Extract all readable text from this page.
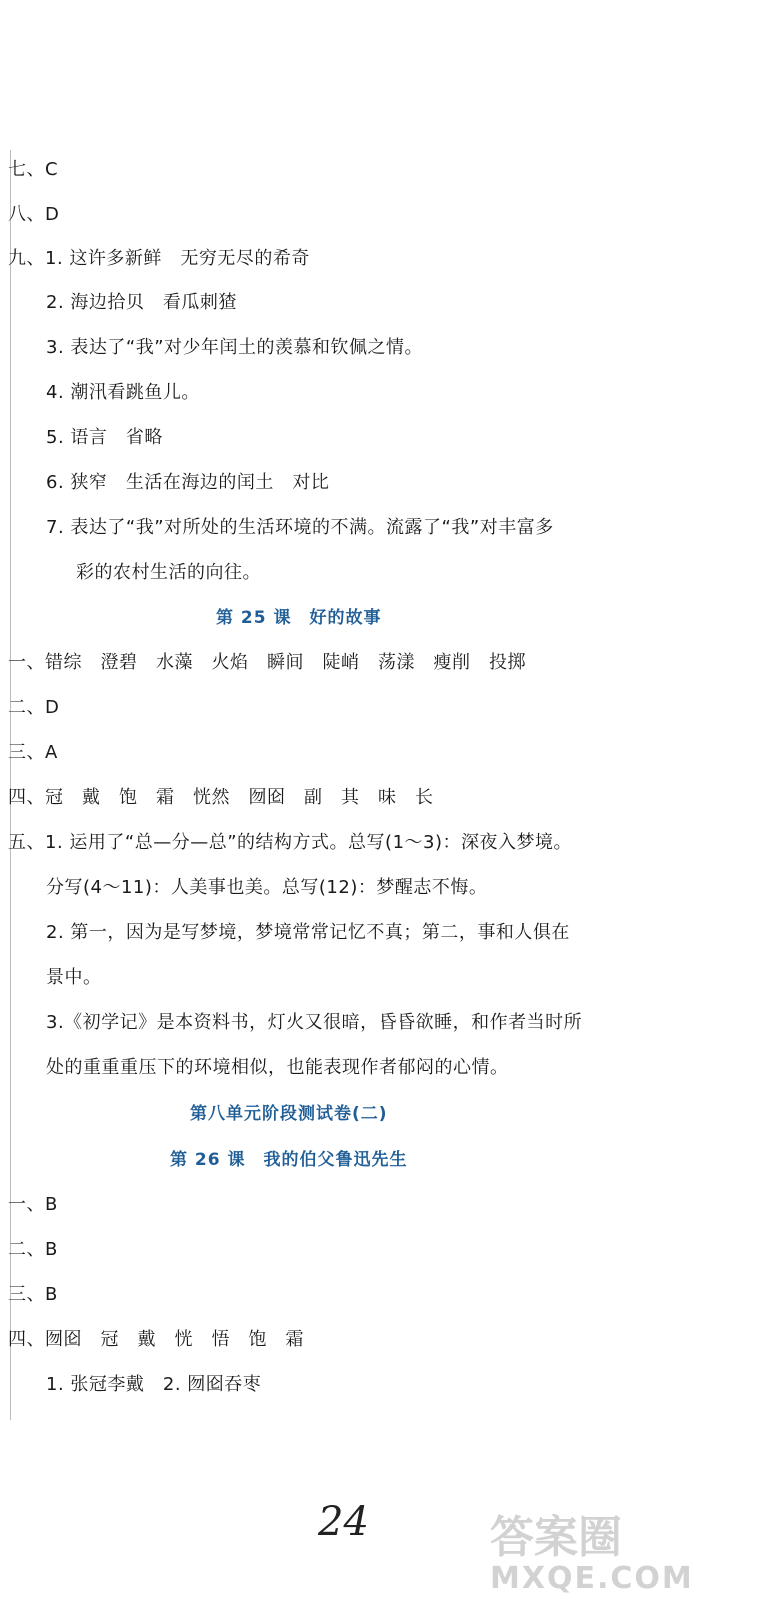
七、C
八、D
九、1. 这许多新鲜　无穷无尽的希奇
2. 海边拾贝　看瓜刺猹
3. 表达了“我”对少年闰土的羡慕和钦佩之情。
4. 潮汛看跳鱼儿。
5. 语言　省略
6. 狭窄　生活在海边的闰土　对比
7. 表达了“我”对所处的生活环境的不满。流露了“我”对丰富多
彩的农村生活的向往。
第 25 课　好的故事
一、错综　澄碧　水藻　火焰　瞬间　陡峭　荡漾　瘦削　投掷
二、D
三、A
四、冠　戴　饱　霜　恍然　囫囵　副　其　味　长
五、1. 运用了“总—分—总”的结构方式。总写(1～3)：深夜入梦境。
分写(4～11)：人美事也美。总写(12)：梦醒志不悔。
2. 第一，因为是写梦境，梦境常常记忆不真；第二，事和人俱在
景中。
3.《初学记》是本资料书，灯火又很暗，昏昏欲睡，和作者当时所
处的重重重压下的环境相似，也能表现作者郁闷的心情。
第八单元阶段测试卷(二)
第 26 课　我的伯父鲁迅先生
一、B
二、B
三、B
四、囫囵　冠　戴　恍　悟　饱　霜
1. 张冠李戴　2. 囫囵吞枣
24	答案圈
MXQE.COM
